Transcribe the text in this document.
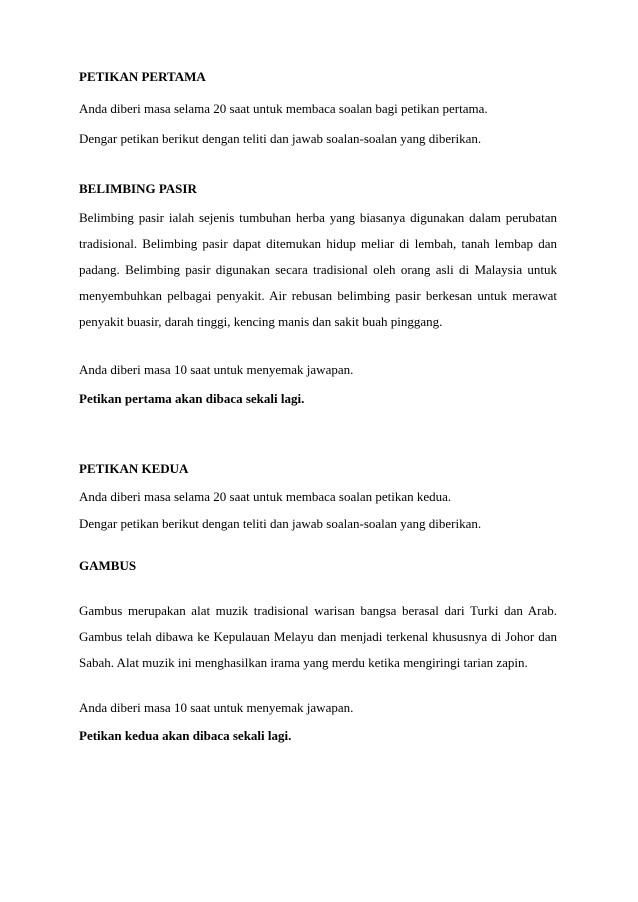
PETIKAN PERTAMA
Anda diberi masa selama 20 saat untuk membaca soalan bagi petikan pertama.
Dengar petikan berikut dengan teliti dan jawab soalan-soalan yang diberikan.
BELIMBING PASIR
Belimbing pasir ialah sejenis tumbuhan herba yang biasanya digunakan dalam perubatan tradisional. Belimbing pasir dapat ditemukan hidup meliar di lembah, tanah lembap dan padang. Belimbing pasir digunakan secara tradisional oleh orang asli di Malaysia untuk menyembuhkan pelbagai penyakit. Air rebusan belimbing pasir berkesan untuk merawat penyakit buasir, darah tinggi, kencing manis dan sakit buah pinggang.
Anda diberi masa 10 saat untuk menyemak jawapan.
Petikan pertama akan dibaca sekali lagi.
PETIKAN KEDUA
Anda diberi masa selama 20 saat untuk membaca soalan petikan kedua.
Dengar petikan berikut dengan teliti dan jawab soalan-soalan yang diberikan.
GAMBUS
Gambus merupakan alat muzik tradisional warisan bangsa berasal dari Turki dan Arab. Gambus telah dibawa ke Kepulauan Melayu dan menjadi terkenal khususnya di Johor dan Sabah. Alat muzik ini menghasilkan irama yang merdu ketika mengiringi tarian zapin.
Anda diberi masa 10 saat untuk menyemak jawapan.
Petikan kedua akan dibaca sekali lagi.
